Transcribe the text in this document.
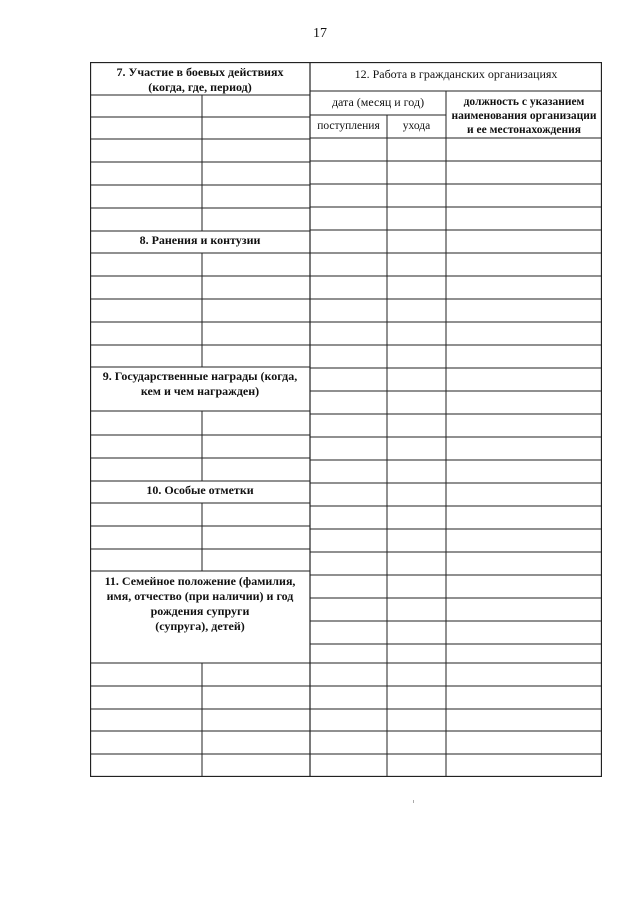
17
7. Участие в боевых действиях
(когда, где, период)
8. Ранения и контузии
9. Государственные награды (когда,
кем и чем награжден)
10. Особые отметки
11. Семейное положение (фамилия,
имя, отчество (при наличии) и год
рождения супруги
(супруга), детей)
12. Работа в гражданских организациях
дата (месяц и год)
поступления	ухода
должность с указанием
наименования организации
и ее местонахождения
